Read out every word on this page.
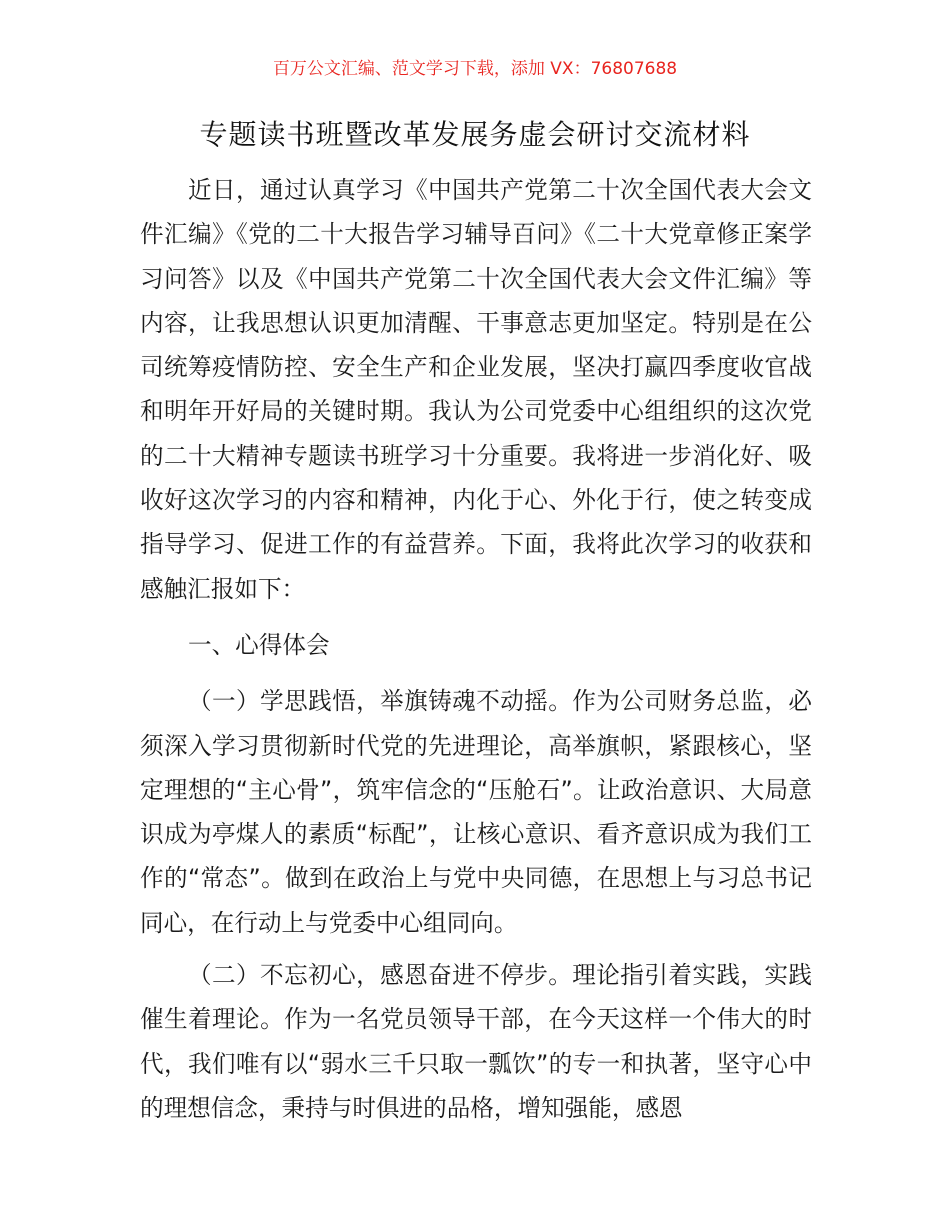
百万公文汇编、范文学习下载，添加 VX：76807688
专题读书班暨改革发展务虚会研讨交流材料

近日，通过认真学习《中国共产党第二十次全国代表大会文件汇编》《党的二十大报告学习辅导百问》《二十大党章修正案学习问答》以及《中国共产党第二十次全国代表大会文件汇编》等内容，让我思想认识更加清醒、干事意志更加坚定。特别是在公司统筹疫情防控、安全生产和企业发展，坚决打赢四季度收官战和明年开好局的关键时期。我认为公司党委中心组组织的这次党的二十大精神专题读书班学习十分重要。我将进一步消化好、吸收好这次学习的内容和精神，内化于心、外化于行，使之转变成指导学习、促进工作的有益营养。下面，我将此次学习的收获和感触汇报如下：

一、心得体会

（一）学思践悟，举旗铸魂不动摇。作为公司财务总监，必须深入学习贯彻新时代党的先进理论，高举旗帜，紧跟核心，坚定理想的“主心骨”，筑牢信念的“压舱石”。让政治意识、大局意识成为亭煤人的素质“标配”，让核心意识、看齐意识成为我们工作的“常态”。做到在政治上与党中央同德，在思想上与习总书记同心，在行动上与党委中心组同向。

（二）不忘初心，感恩奋进不停步。理论指引着实践，实践催生着理论。作为一名党员领导干部，在今天这样一个伟大的时代，我们唯有以“弱水三千只取一瓢饮”的专一和执著，坚守心中的理想信念，秉持与时俱进的品格，增知强能，感恩
